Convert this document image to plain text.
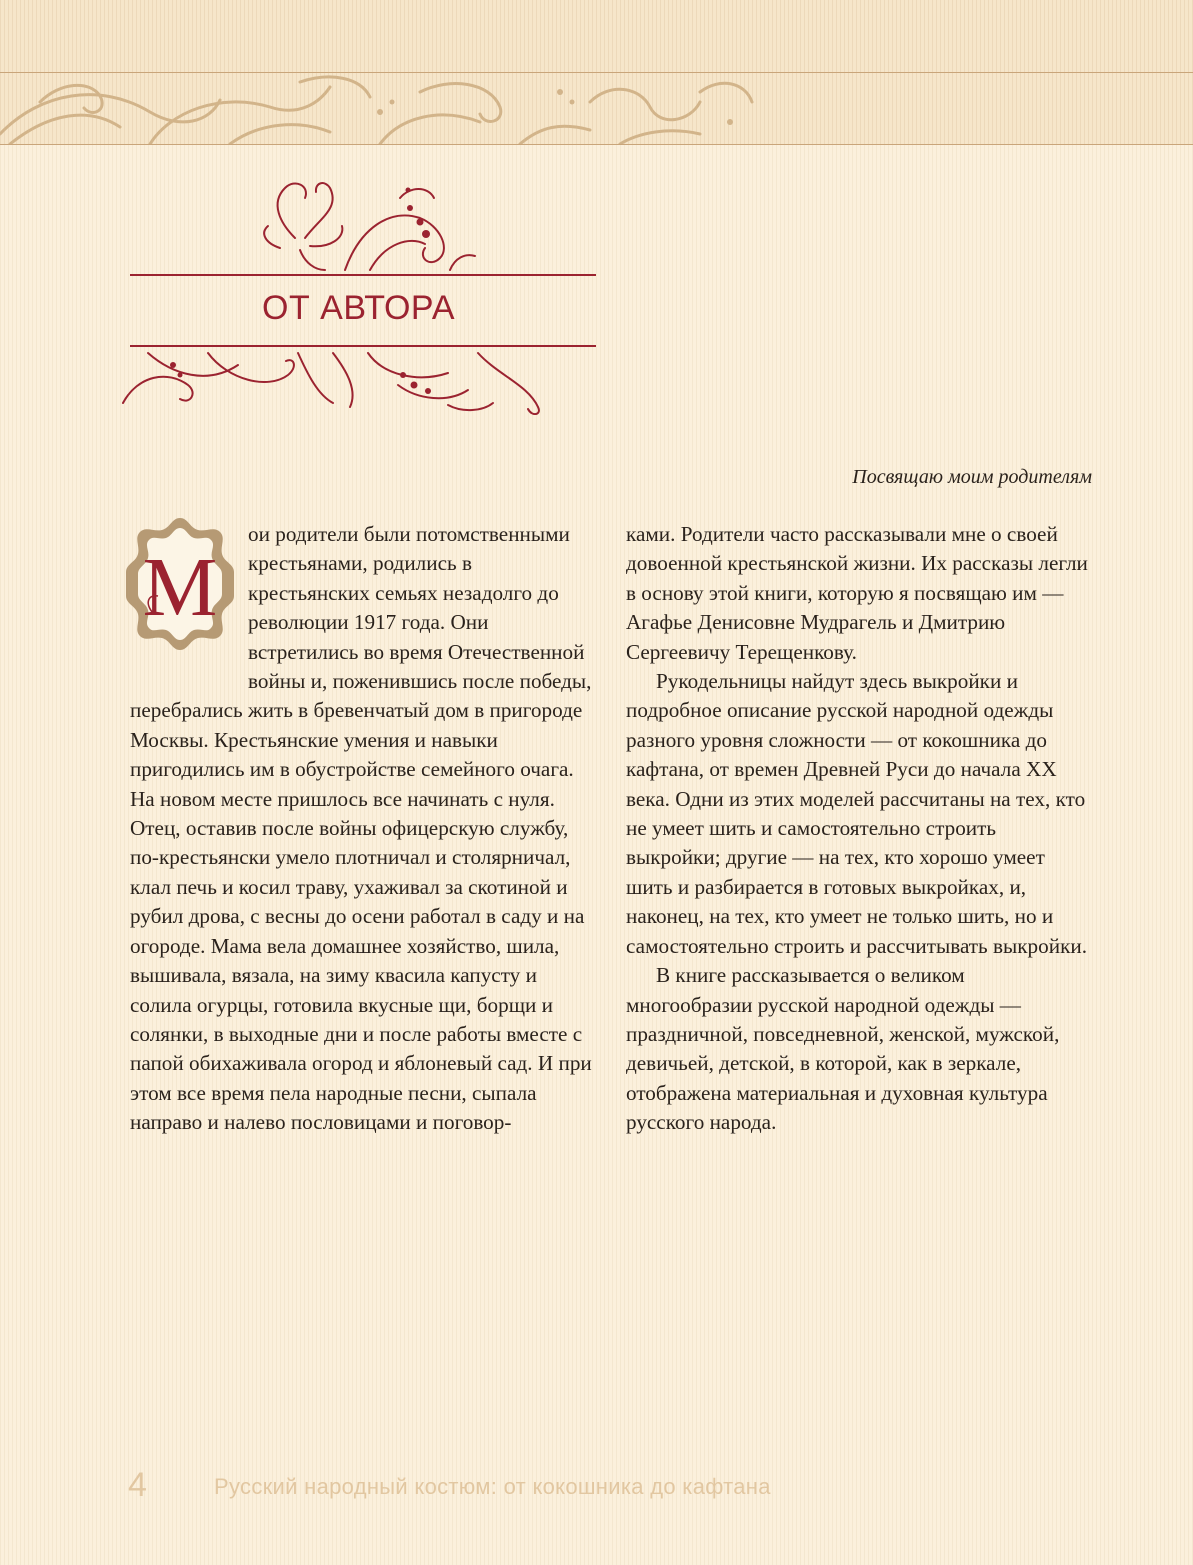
ОТ АВТОРА

Посвящаю моим родителям

М

ои родители были потомственными крестьянами, родились в крестьянских семьях незадолго до революции 1917 года. Они встретились во время Отечественной войны и, поженившись после победы, перебрались жить в бревенчатый дом в пригороде Москвы. Крестьянские умения и навыки пригодились им в обустройстве семейного очага. На новом месте пришлось все начинать с нуля. Отец, оставив после войны офицерскую службу, по-крестьянски умело плотничал и столярничал, клал печь и косил траву, ухаживал за скотиной и рубил дрова, с весны до осени работал в саду и на огороде. Мама вела домашнее хозяйство, шила, вышивала, вязала, на зиму квасила капусту и солила огурцы, готовила вкусные щи, борщи и солянки, в выходные дни и после работы вместе с папой обихаживала огород и яблоневый сад. И при этом все время пела народные песни, сыпала направо и налево пословицами и поговор-

ками. Родители часто рассказывали мне о своей довоенной крестьянской жизни. Их рассказы легли в основу этой книги, которую я посвящаю им — Агафье Денисовне Мудрагель и Дмитрию Сергеевичу Терещенкову.

Рукодельницы найдут здесь выкройки и подробное описание русской народной одежды разного уровня сложности — от кокошника до кафтана, от времен Древней Руси до начала XX века. Одни из этих моделей рассчитаны на тех, кто не умеет шить и самостоятельно строить выкройки; другие — на тех, кто хорошо умеет шить и разбирается в готовых выкройках, и, наконец, на тех, кто умеет не только шить, но и самостоятельно строить и рассчитывать выкройки.

В книге рассказывается о великом многообразии русской народной одежды — праздничной, повседневной, женской, мужской, девичьей, детской, в которой, как в зеркале, отображена материальная и духовная культура русского народа.

4	Русский народный костюм: от кокошника до кафтана
